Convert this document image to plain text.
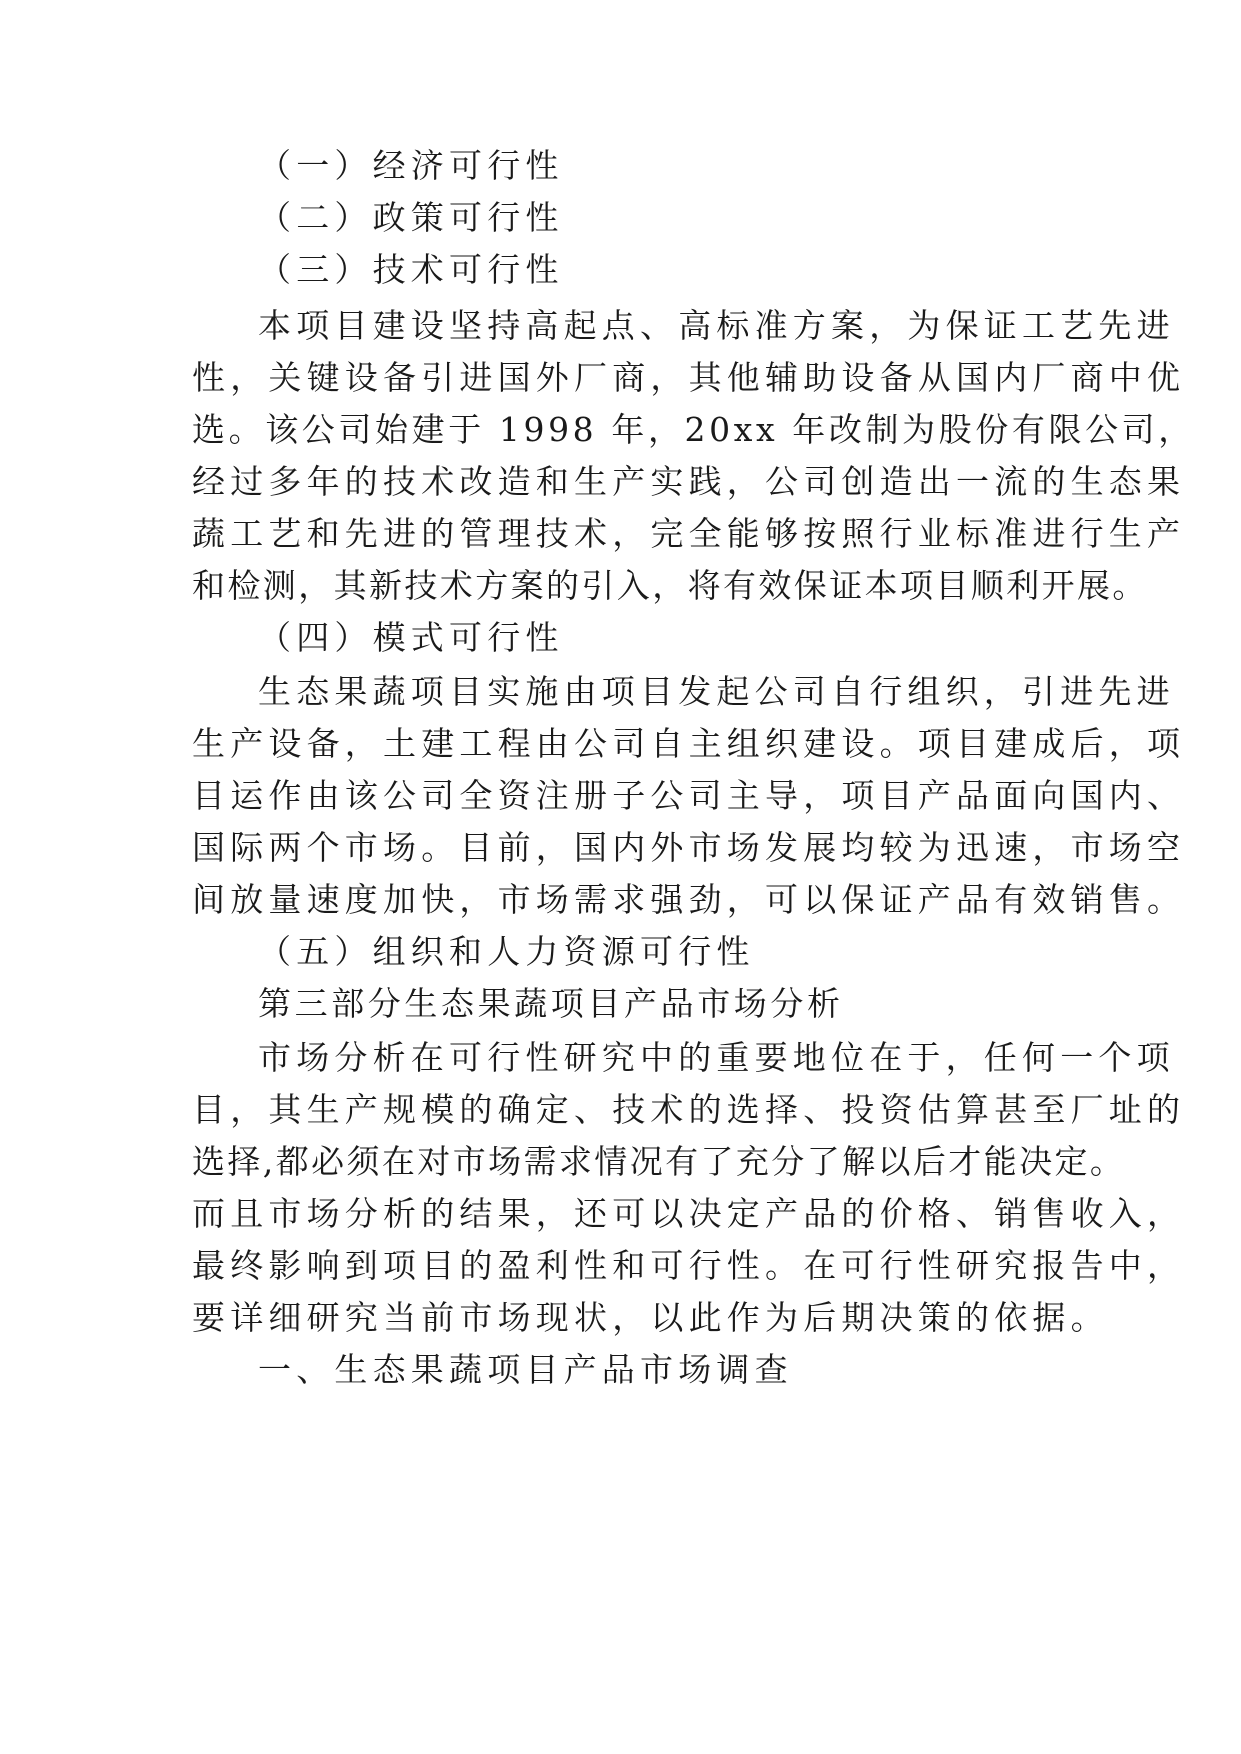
（一）经济可行性
（二）政策可行性
（三）技术可行性
本项目建设坚持高起点、高标准方案，为保证工艺先进
性，关键设备引进国外厂商，其他辅助设备从国内厂商中优
选。该公司始建于 1998 年，20xx 年改制为股份有限公司，
经过多年的技术改造和生产实践，公司创造出一流的生态果
蔬工艺和先进的管理技术，完全能够按照行业标准进行生产
和检测，其新技术方案的引入，将有效保证本项目顺利开展。
（四）模式可行性
生态果蔬项目实施由项目发起公司自行组织，引进先进
生产设备，土建工程由公司自主组织建设。项目建成后，项
目运作由该公司全资注册子公司主导，项目产品面向国内、
国际两个市场。目前，国内外市场发展均较为迅速，市场空
间放量速度加快，市场需求强劲，可以保证产品有效销售。
（五）组织和人力资源可行性
第三部分生态果蔬项目产品市场分析
市场分析在可行性研究中的重要地位在于，任何一个项
目，其生产规模的确定、技术的选择、投资估算甚至厂址的
选择,都必须在对市场需求情况有了充分了解以后才能决定。
而且市场分析的结果，还可以决定产品的价格、销售收入，
最终影响到项目的盈利性和可行性。在可行性研究报告中，
要详细研究当前市场现状，以此作为后期决策的依据。
一、生态果蔬项目产品市场调查
